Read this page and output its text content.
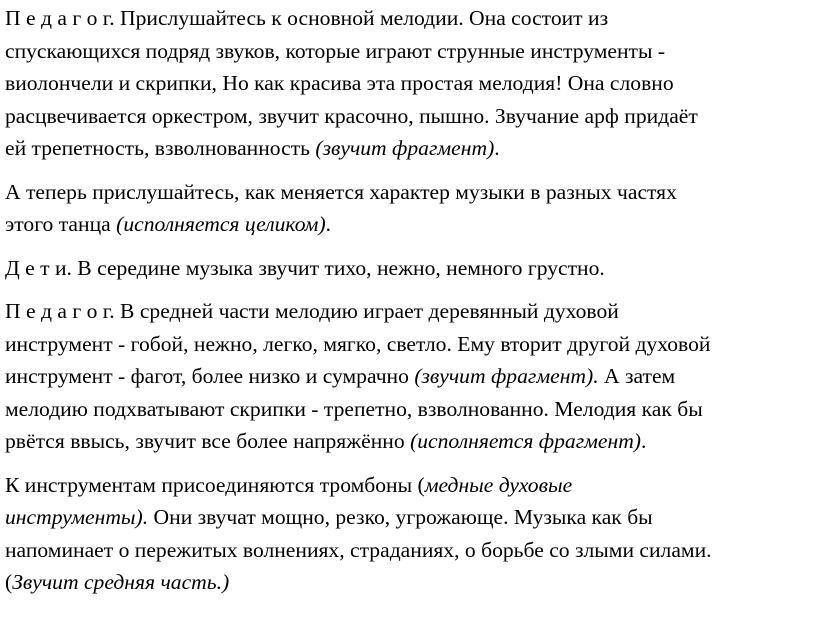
П е д а г о г. Прислушайтесь к основной мелодии. Она состоит из
спускающихся подряд звуков, которые играют струнные инструменты -
виолончели и скрипки, Но как красива эта простая мелодия! Она словно
расцвечивается оркестром, звучит красочно, пышно. Звучание арф придаёт
ей трепетность, взволнованность (звучит фрагмент).

А теперь прислушайтесь, как меняется характер музыки в разных частях
этого танца (исполняется целиком).

Д е т и. В середине музыка звучит тихо, нежно, немного грустно.

П е д а г о г. В средней части мелодию играет деревянный духовой
инструмент - гобой, нежно, легко, мягко, светло. Ему вторит другой духовой
инструмент - фагот, более низко и сумрачно (звучит фрагмент). А затем
мелодию подхватывают скрипки - трепетно, взволнованно. Мелодия как бы
рвётся ввысь, звучит все более напряжённо (исполняется фрагмент).

К инструментам присоединяются тромбоны (медные духовые
инструменты). Они звучат мощно, резко, угрожающе. Музыка как бы
напоминает о пережитых волнениях, страданиях, о борьбе со злыми силами.
(Звучит средняя часть.)
